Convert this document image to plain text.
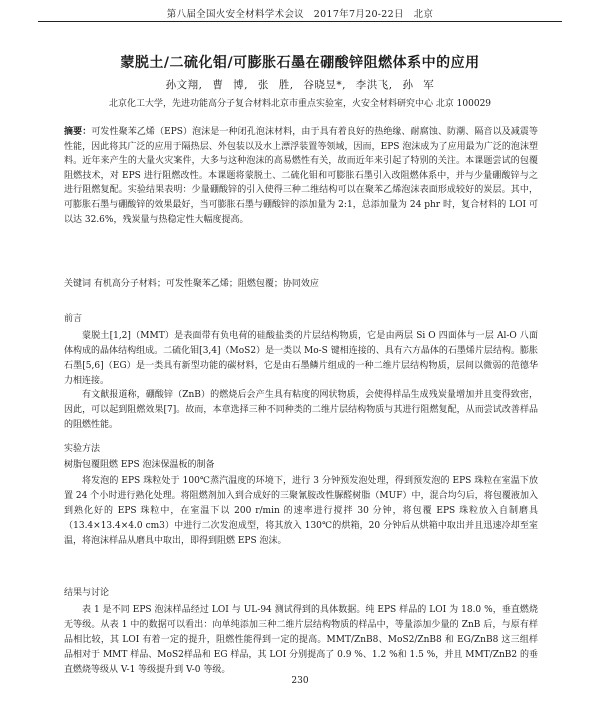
第八届全国火安全材料学术会议　2017年7月20-22日　北京
蒙脱土/二硫化钼/可膨胀石墨在硼酸锌阻燃体系中的应用
孙文翔, 曹 博, 张 胜, 谷晓昱*, 李洪飞, 孙 军
北京化工大学，先进功能高分子复合材料北京市重点实验室，火安全材料研究中心 北京 100029
摘要：可发性聚苯乙烯（EPS）泡沫是一种闭孔泡沫材料，由于具有着良好的热绝缘、耐腐蚀、防潮、隔音以及减震等性能，因此将其广泛的应用于隔热层、外包装以及水上漂浮装置等领域，因而，EPS 泡沫成为了应用最为广泛的泡沫塑料。近年来产生的大量火灾案件，大多与这种泡沫的高易燃性有关，故而近年来引起了特别的关注。本课题尝试的包覆阻燃技术，对 EPS 进行阻燃改性。本课题将蒙脱土、二硫化钼和可膨胀石墨引入改阻燃体系中，并与少量硼酸锌与之进行阻燃复配。实验结果表明：少量硼酸锌的引入使得三种二维结构可以在聚苯乙烯泡沫表面形成较好的炭层。其中，可膨胀石墨与硼酸锌的效果最好，当可膨胀石墨与硼酸锌的添加量为 2:1，总添加量为 24 phr 时，复合材料的 LOI 可以达 32.6%，残炭量与热稳定性大幅度提高。
关键词 有机高分子材料；可发性聚苯乙烯；阻燃包覆；协同效应
前言
蒙脱土[1,2]（MMT）是表面带有负电荷的硅酸盐类的片层结构物质，它是由两层 Si O 四面体与一层 Al-O 八面体构成的晶体结构组成。二硫化钼[3,4]（MoS2）是一类以 Mo-S 键相连接的、具有六方晶体的石墨烯片层结构。膨胀石墨[5,6]（EG）是一类具有新型功能的碳材料，它是由石墨鳞片组成的一种二维片层结构物质，层间以微弱的范德华力相连接。
有文献报道称，硼酸锌（ZnB）的燃烧后会产生具有粘度的网状物质，会使得样品生成残炭量增加并且变得致密，因此，可以起到阻燃效果[7]。故而，本章选择三种不同种类的二维片层结构物质与其进行阻燃复配，从而尝试改善样品的阻燃性能。
实验方法
树脂包覆阻燃 EPS 泡沫保温板的制备
将发泡的 EPS 珠粒处于 100℃蒸汽温度的环境下，进行 3 分钟预发泡处理，得到预发泡的 EPS 珠粒在室温下放置 24 个小时进行熟化处理。将阻燃剂加入到合成好的三聚氰胺改性脲醛树脂（MUF）中，混合均匀后，将包覆液加入到熟化好的 EPS 珠粒中，在室温下以 200 r/min 的速率进行搅拌 30 分钟，将包覆 EPS 珠粒放入自制磨具（13.4×13.4×4.0 cm3）中进行二次发泡成型，将其放入 130℃的烘箱，20 分钟后从烘箱中取出并且迅速冷却至室温，将泡沫样品从磨具中取出，即得到阻燃 EPS 泡沫。
结果与讨论
表 1 是不同 EPS 泡沫样品经过 LOI 与 UL-94 测试得到的具体数据。纯 EPS 样品的 LOI 为 18.0 %，垂直燃烧无等级。从表 1 中的数据可以看出：向单纯添加三种二维片层结构物质的样品中，等量添加少量的 ZnB 后，与原有样品相比较，其 LOI 有着一定的提升，阻燃性能得到一定的提高。MMT/ZnB8、MoS2/ZnB8 和 EG/ZnB8 这三组样品相对于 MMT 样品、MoS2样品和 EG 样品，其 LOI 分别提高了 0.9 %、1.2 %和 1.5 %，并且 MMT/ZnB2 的垂直燃烧等级从 V-1 等级提升到 V-0 等级。
230
